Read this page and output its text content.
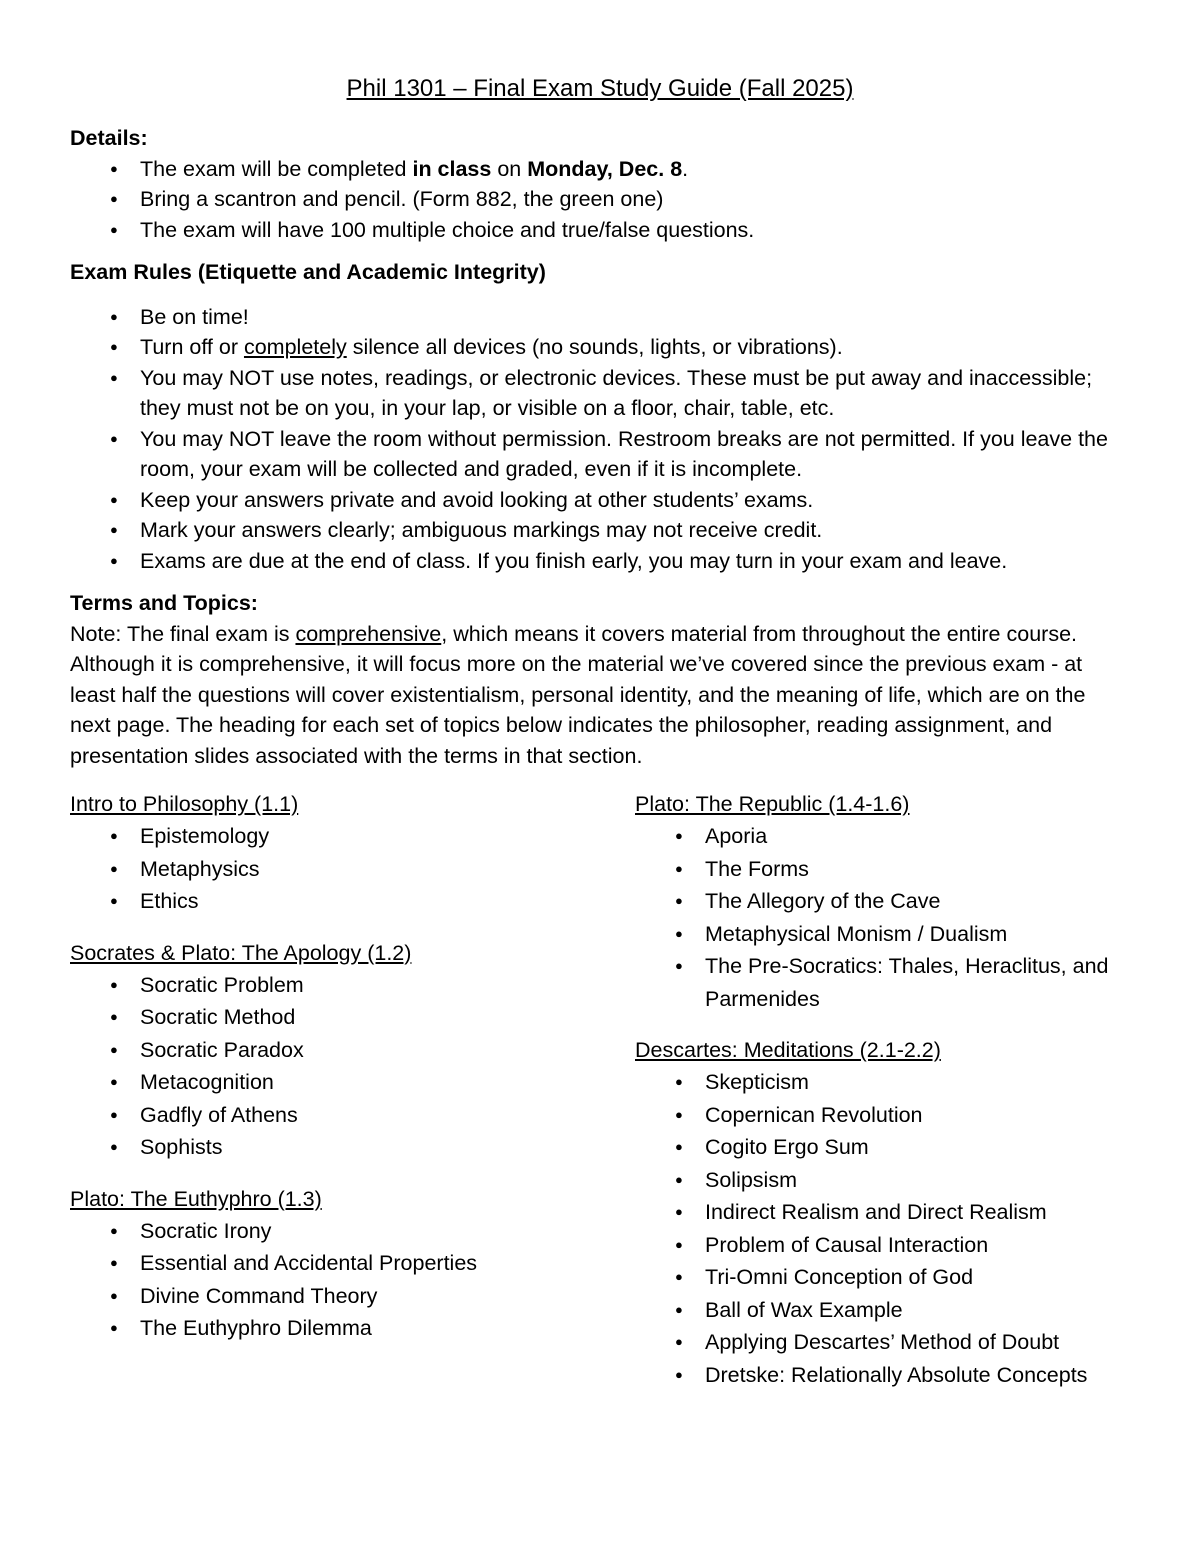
Phil 1301 – Final Exam Study Guide (Fall 2025)
Details:
● The exam will be completed in class on Monday, Dec. 8.
● Bring a scantron and pencil. (Form 882, the green one)
● The exam will have 100 multiple choice and true/false questions.
Exam Rules (Etiquette and Academic Integrity)
● Be on time!
● Turn off or completely silence all devices (no sounds, lights, or vibrations).
● You may NOT use notes, readings, or electronic devices. These must be put away and inaccessible; they must not be on you, in your lap, or visible on a floor, chair, table, etc.
● You may NOT leave the room without permission. Restroom breaks are not permitted. If you leave the room, your exam will be collected and graded, even if it is incomplete.
● Keep your answers private and avoid looking at other students’ exams.
● Mark your answers clearly; ambiguous markings may not receive credit.
● Exams are due at the end of class. If you finish early, you may turn in your exam and leave.
Terms and Topics:

Note: The final exam is comprehensive, which means it covers material from throughout the entire course. Although it is comprehensive, it will focus more on the material we’ve covered since the previous exam - at least half the questions will cover existentialism, personal identity, and the meaning of life, which are on the next page. The heading for each set of topics below indicates the philosopher, reading assignment, and presentation slides associated with the terms in that section.

Intro to Philosophy (1.1)
● Epistemology
● Metaphysics
● Ethics
Socrates & Plato: The Apology (1.2)
● Socratic Problem
● Socratic Method
● Socratic Paradox
● Metacognition
● Gadfly of Athens
● Sophists
Plato: The Euthyphro (1.3)
● Socratic Irony
● Essential and Accidental Properties
● Divine Command Theory
● The Euthyphro Dilemma
Plato: The Republic (1.4-1.6)
● Aporia
● The Forms
● The Allegory of the Cave
● Metaphysical Monism / Dualism
● The Pre-Socratics: Thales, Heraclitus, and Parmenides
Descartes: Meditations (2.1-2.2)
● Skepticism
● Copernican Revolution
● Cogito Ergo Sum
● Solipsism
● Indirect Realism and Direct Realism
● Problem of Causal Interaction
● Tri-Omni Conception of God
● Ball of Wax Example
● Applying Descartes’ Method of Doubt
● Dretske: Relationally Absolute Concepts
